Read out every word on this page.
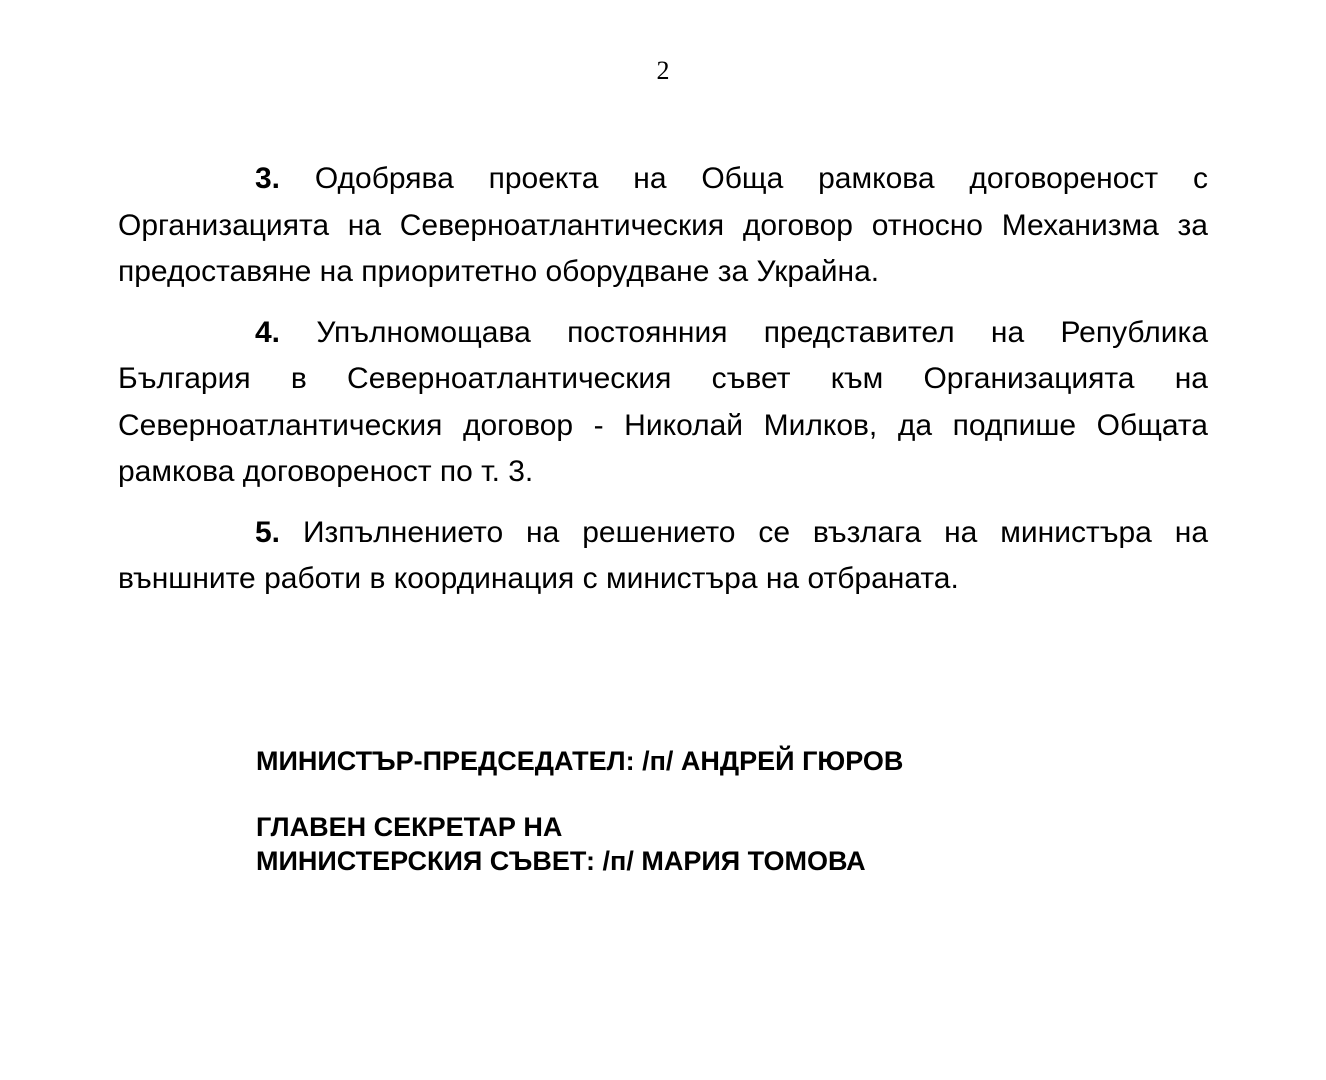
2

3. Одобрява проекта на Обща рамкова договореност с Организацията на Северноатлантическия договор относно Механизма за предоставяне на приоритетно оборудване за Украйна.

4. Упълномощава постоянния представител на Република България в Северноатлантическия съвет към Организацията на Северноатлантическия договор - Николай Милков, да подпише Общата рамкова договореност по т. 3.

5. Изпълнението на решението се възлага на министъра на външните работи в координация с министъра на отбраната.

МИНИСТЪР-ПРЕДСЕДАТЕЛ: /п/ АНДРЕЙ ГЮРОВ
ГЛАВЕН СЕКРЕТАР НА
МИНИСТЕРСКИЯ СЪВЕТ: /п/ МАРИЯ ТОМОВА
